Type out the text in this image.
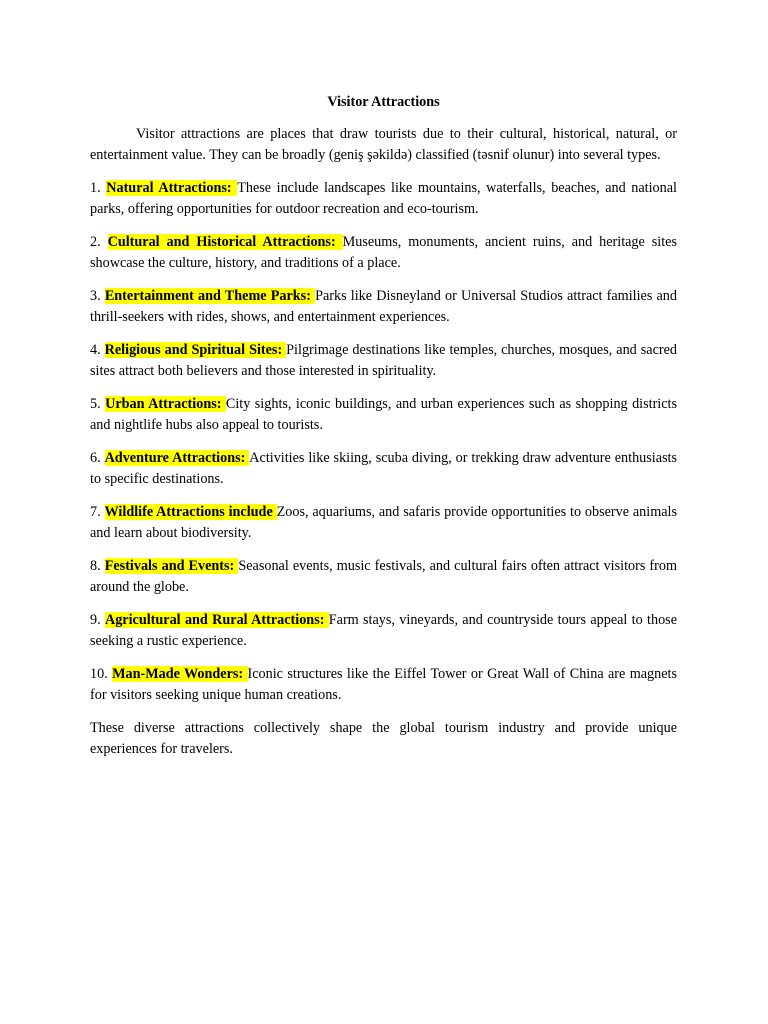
Visitor Attractions

Visitor attractions are places that draw tourists due to their cultural, historical, natural, or entertainment value. They can be broadly (geniş şəkildə) classified (təsnif olunur) into several types.

1. Natural Attractions: These include landscapes like mountains, waterfalls, beaches, and national parks, offering opportunities for outdoor recreation and eco-tourism.

2. Cultural and Historical Attractions: Museums, monuments, ancient ruins, and heritage sites showcase the culture, history, and traditions of a place.

3. Entertainment and Theme Parks: Parks like Disneyland or Universal Studios attract families and thrill-seekers with rides, shows, and entertainment experiences.

4. Religious and Spiritual Sites: Pilgrimage destinations like temples, churches, mosques, and sacred sites attract both believers and those interested in spirituality.

5. Urban Attractions: City sights, iconic buildings, and urban experiences such as shopping districts and nightlife hubs also appeal to tourists.

6. Adventure Attractions: Activities like skiing, scuba diving, or trekking draw adventure enthusiasts to specific destinations.

7. Wildlife Attractions include Zoos, aquariums, and safaris provide opportunities to observe animals and learn about biodiversity.

8. Festivals and Events: Seasonal events, music festivals, and cultural fairs often attract visitors from around the globe.

9. Agricultural and Rural Attractions: Farm stays, vineyards, and countryside tours appeal to those seeking a rustic experience.

10. Man-Made Wonders: Iconic structures like the Eiffel Tower or Great Wall of China are magnets for visitors seeking unique human creations.

These diverse attractions collectively shape the global tourism industry and provide unique experiences for travelers.
